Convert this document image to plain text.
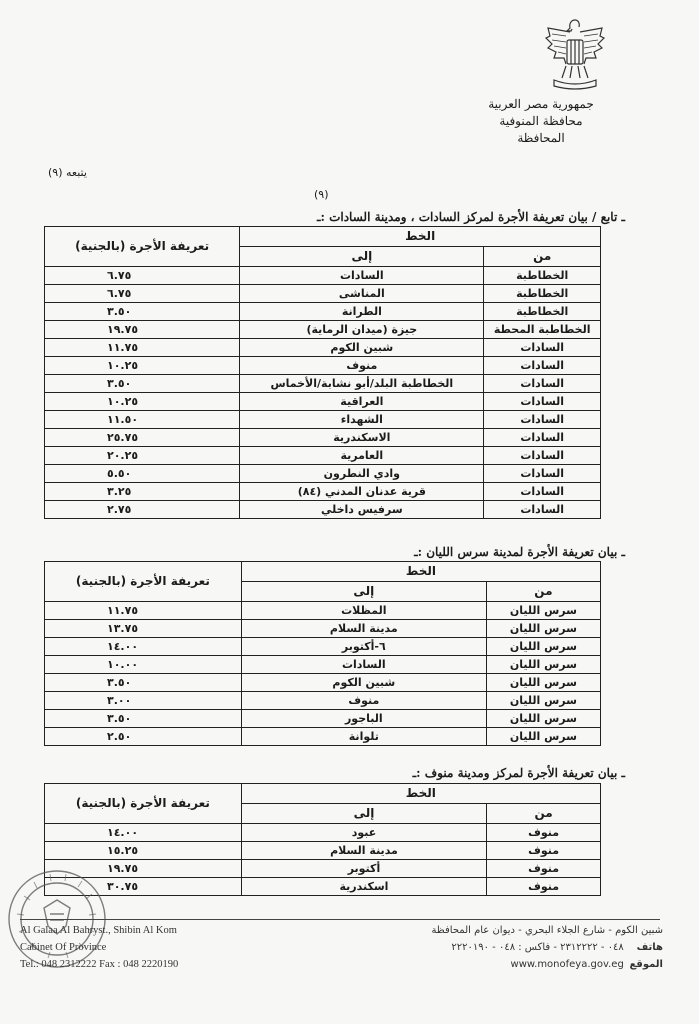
جمهورية مصر العربية
محافظة المنوفية
المحافظة
يتبعه (٩)
(٩)
ـ تابع / بيان تعريفة الأجرة لمركز السادات ، ومدينة السادات :ـ
الخط		تعريفة الأجرة (بالجنية)
من	إلى	
الخطاطبة	السادات	٦.٧٥
الخطاطبة	المناشى	٦.٧٥
الخطاطبة	الطرانة	٣.٥٠
الخطاطبة المحطة	جيزة (ميدان الرماية)	١٩.٧٥
السادات	شبين الكوم	١١.٧٥
السادات	منوف	١٠.٢٥
السادات	الخطاطبة البلد/أبو نشابة/الأخماس	٣.٥٠
السادات	العراقية	١٠.٢٥
السادات	الشهداء	١١.٥٠
السادات	الاسكندرية	٢٥.٧٥
السادات	العامرية	٢٠.٢٥
السادات	وادي النطرون	٥.٥٠
السادات	قرية عدنان المدني (٨٤)	٣.٢٥
السادات	سرفيس داخلي	٢.٧٥
ـ بيان تعريفة الأجرة لمدينة سرس الليان :ـ
الخط		تعريفة الأجرة (بالجنية)
من	إلى	
سرس الليان	المظلات	١١.٧٥
سرس الليان	مدينة السلام	١٣.٧٥
سرس الليان	٦-أكتوبر	١٤.٠٠
سرس الليان	السادات	١٠.٠٠
سرس الليان	شبين الكوم	٣.٥٠
سرس الليان	منوف	٣.٠٠
سرس الليان	الباجور	٣.٥٠
سرس الليان	تلوانة	٢.٥٠
ـ بيان تعريفة الأجرة لمركز ومدينة منوف :ـ
الخط		تعريفة الأجرة (بالجنية)
من	إلى	
منوف	عبود	١٤.٠٠
منوف	مدينة السلام	١٥.٢٥
منوف	أكتوبر	١٩.٧٥
منوف	اسكندرية	٣٠.٧٥
Al Galaa Al Bahryst., Shibin Al Kom
Cabinet Of Province
Tel.: 048 2312222 Fax : 048 2220190
شبين الكوم - شارع الجلاء البحري - ديوان عام المحافظة
هاتف ٠٤٨ - ٢٣١٢٢٢٢ - فاكس : ٠٤٨ - ٢٢٢٠١٩٠
الموقع www.monofeya.gov.eg
